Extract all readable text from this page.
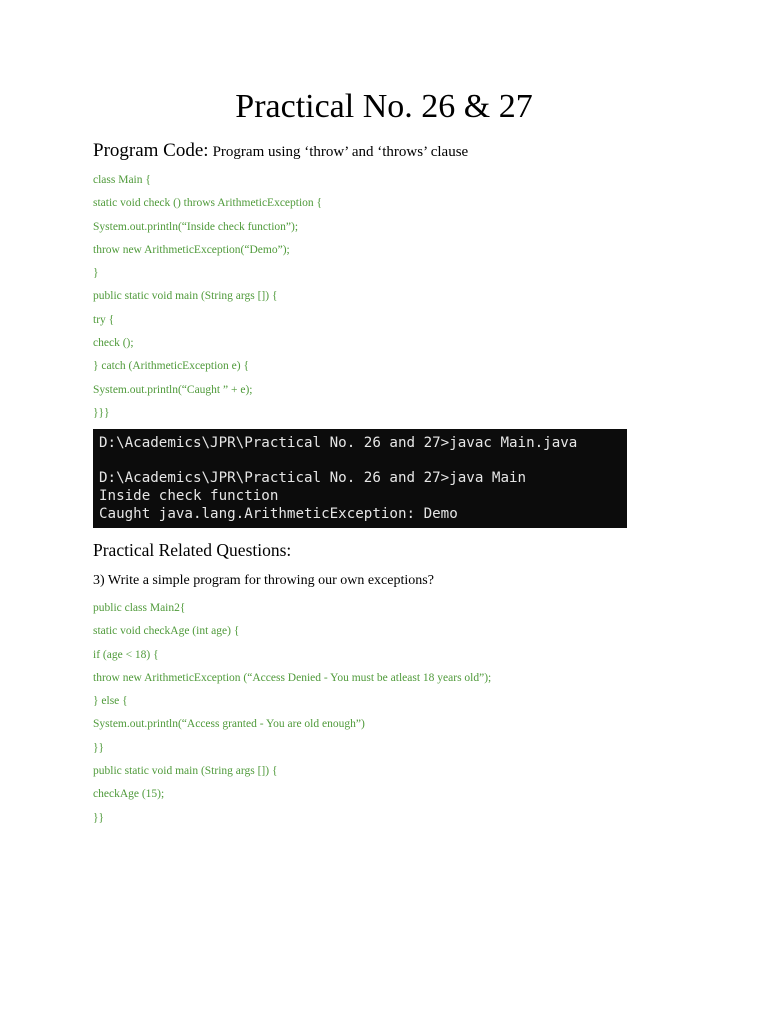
Practical No. 26 & 27
Program Code: Program using ‘throw’ and ‘throws’ clause
class Main {
static void check () throws ArithmeticException {
System.out.println(“Inside check function”);
throw new ArithmeticException(“Demo”);
}
public static void main (String args []) {
try {
check ();
} catch (ArithmeticException e) {
System.out.println(“Caught ” + e);
}}}
D:\Academics\JPR\Practical No. 26 and 27>javac Main.java
D:\Academics\JPR\Practical No. 26 and 27>java Main
Inside check function
Caught java.lang.ArithmeticException: Demo
Practical Related Questions:
3) Write a simple program for throwing our own exceptions?
public class Main2{
static void checkAge (int age) {
if (age < 18) {
throw new ArithmeticException (“Access Denied - You must be atleast 18 years old”);
} else {
System.out.println(“Access granted - You are old enough”)
}}
public static void main (String args []) {
checkAge (15);
}}
